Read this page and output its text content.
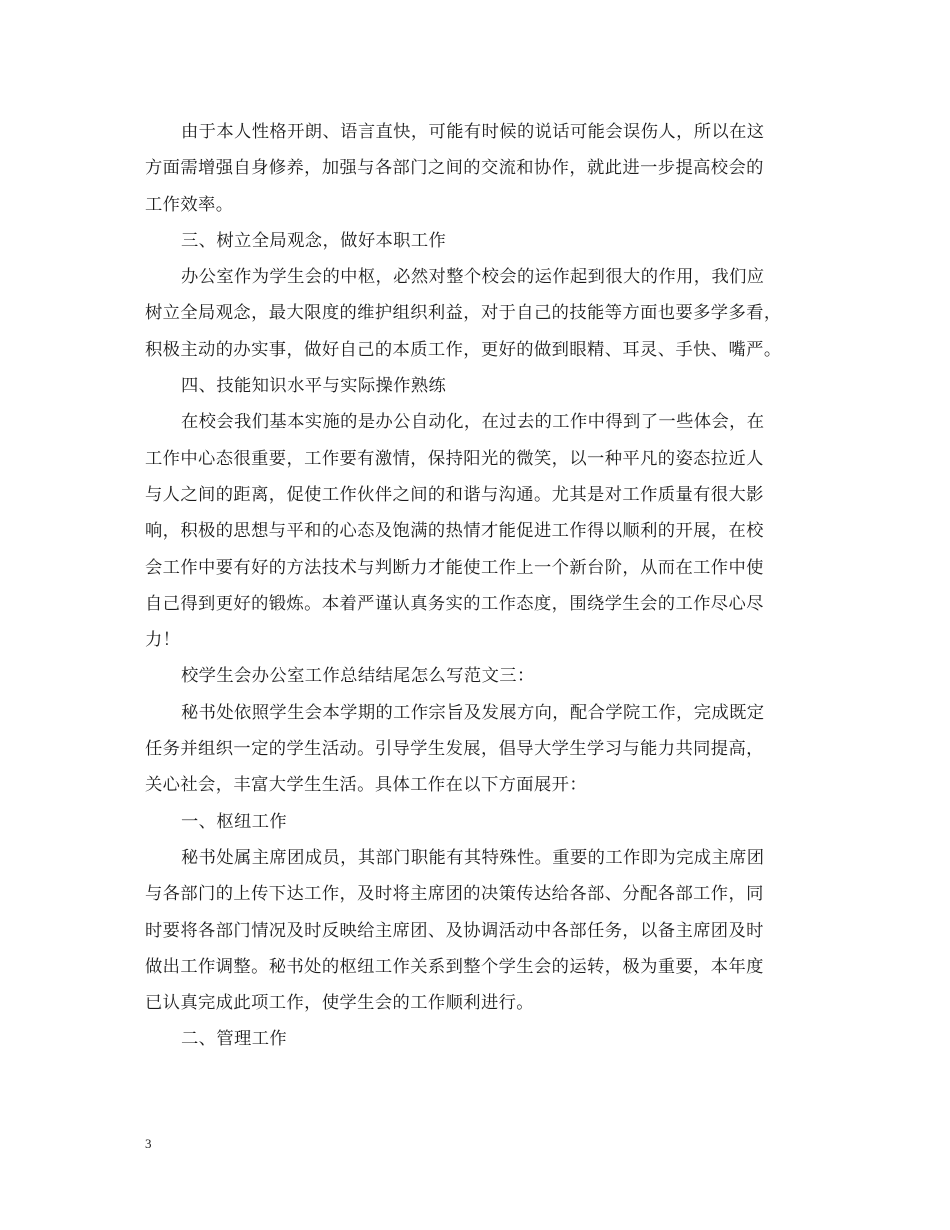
由于本人性格开朗、语言直快，可能有时候的说话可能会误伤人，所以在这
方面需增强自身修养，加强与各部门之间的交流和协作，就此进一步提高校会的
工作效率。
三、树立全局观念，做好本职工作
办公室作为学生会的中枢，必然对整个校会的运作起到很大的作用，我们应
树立全局观念，最大限度的维护组织利益，对于自己的技能等方面也要多学多看，
积极主动的办实事，做好自己的本质工作，更好的做到眼精、耳灵、手快、嘴严。
四、技能知识水平与实际操作熟练
在校会我们基本实施的是办公自动化，在过去的工作中得到了一些体会，在
工作中心态很重要，工作要有激情，保持阳光的微笑，以一种平凡的姿态拉近人
与人之间的距离，促使工作伙伴之间的和谐与沟通。尤其是对工作质量有很大影
响，积极的思想与平和的心态及饱满的热情才能促进工作得以顺利的开展，在校
会工作中要有好的方法技术与判断力才能使工作上一个新台阶，从而在工作中使
自己得到更好的锻炼。本着严谨认真务实的工作态度，围绕学生会的工作尽心尽
力！
校学生会办公室工作总结结尾怎么写范文三：
秘书处依照学生会本学期的工作宗旨及发展方向，配合学院工作，完成既定
任务并组织一定的学生活动。引导学生发展，倡导大学生学习与能力共同提高，
关心社会，丰富大学生生活。具体工作在以下方面展开：
一、枢纽工作
秘书处属主席团成员，其部门职能有其特殊性。重要的工作即为完成主席团
与各部门的上传下达工作，及时将主席团的决策传达给各部、分配各部工作，同
时要将各部门情况及时反映给主席团、及协调活动中各部任务，以备主席团及时
做出工作调整。秘书处的枢纽工作关系到整个学生会的运转，极为重要，本年度
已认真完成此项工作，使学生会的工作顺利进行。
二、管理工作
3
